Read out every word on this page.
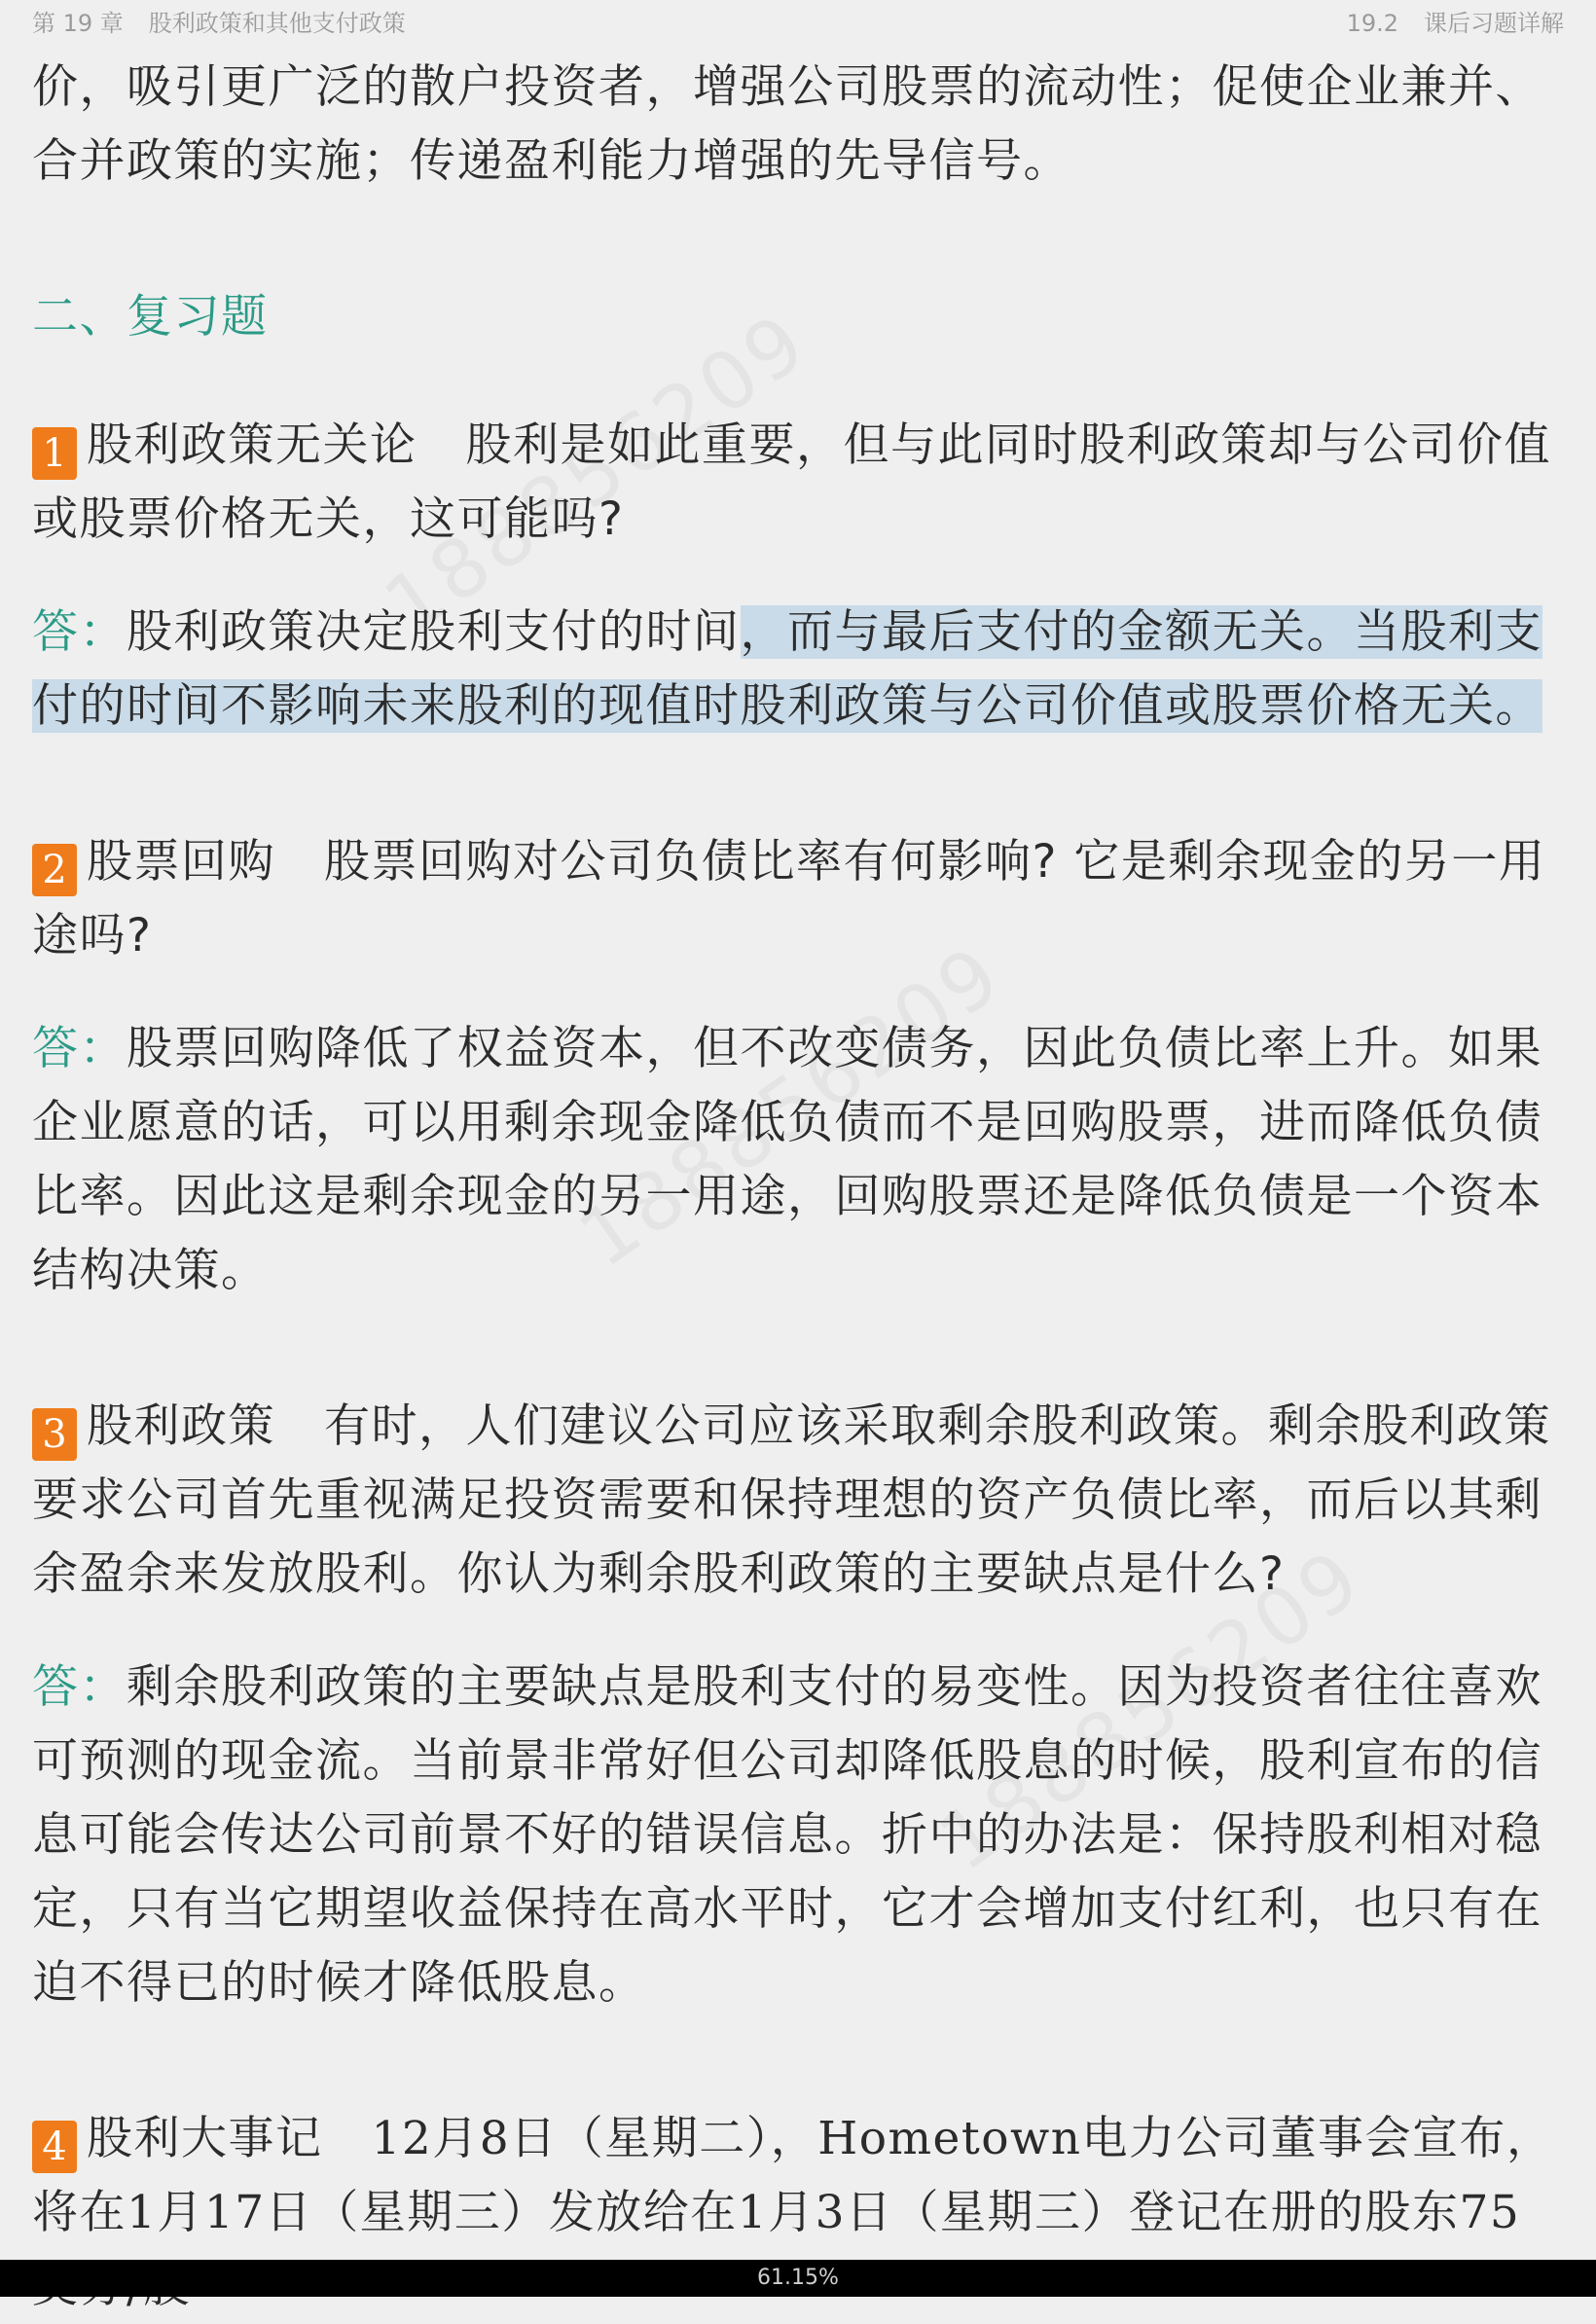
第 19 章 股利政策和其他支付政策	19.2 课后习题详解

价，吸引更广泛的散户投资者，增强公司股票的流动性；促使企业兼并、合并政策的实施；传递盈利能力增强的先导信号。

二、复习题

1 股利政策无关论 股利是如此重要，但与此同时股利政策却与公司价值或股票价格无关，这可能吗?

答：股利政策决定股利支付的时间，而与最后支付的金额无关。当股利支付的时间不影响未来股利的现值时股利政策与公司价值或股票价格无关。

2 股票回购 股票回购对公司负债比率有何影响? 它是剩余现金的另一用途吗?

答：股票回购降低了权益资本，但不改变债务，因此负债比率上升。如果企业愿意的话，可以用剩余现金降低负债而不是回购股票，进而降低负债比率。因此这是剩余现金的另一用途，回购股票还是降低负债是一个资本结构决策。

3 股利政策 有时，人们建议公司应该采取剩余股利政策。剩余股利政策要求公司首先重视满足投资需要和保持理想的资产负债比率，而后以其剩余盈余来发放股利。你认为剩余股利政策的主要缺点是什么?

答：剩余股利政策的主要缺点是股利支付的易变性。因为投资者往往喜欢可预测的现金流。当前景非常好但公司却降低股息的时候，股利宣布的信息可能会传达公司前景不好的错误信息。折中的办法是：保持股利相对稳定，只有当它期望收益保持在高水平时，它才会增加支付红利，也只有在迫不得已的时候才降低股息。

4 股利大事记 12月8日（星期二），Hometown电力公司董事会宣布，将在1月17日（星期三）发放给在1月3日（星期三）登记在册的股东75

61.15%
